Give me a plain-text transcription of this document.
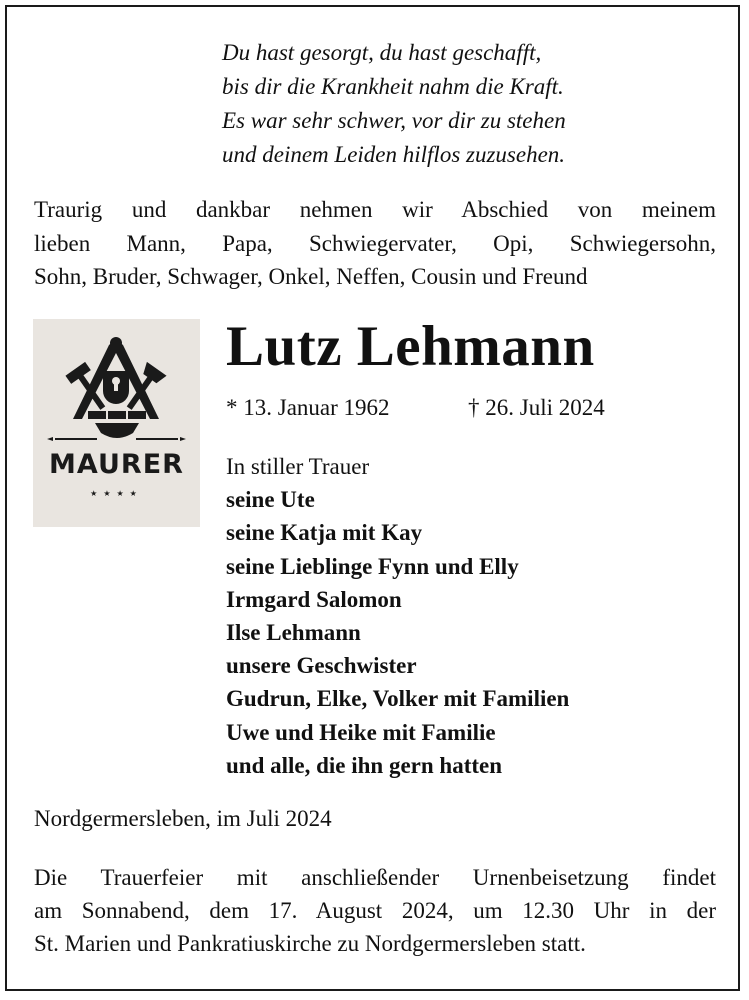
Du hast gesorgt, du hast geschafft,
bis dir die Krankheit nahm die Kraft.
Es war sehr schwer, vor dir zu stehen
und deinem Leiden hilflos zuzusehen.
Traurig und dankbar nehmen wir Abschied von meinem
lieben Mann, Papa, Schwiegervater, Opi, Schwiegersohn,
Sohn, Bruder, Schwager, Onkel, Neffen, Cousin und Freund
MAURER
★★★★
Lutz Lehmann
* 13. Januar 1962	† 26. Juli 2024
In stiller Trauer
seine Ute
seine Katja mit Kay
seine Lieblinge Fynn und Elly
Irmgard Salomon
Ilse Lehmann
unsere Geschwister
Gudrun, Elke, Volker mit Familien
Uwe und Heike mit Familie
und alle, die ihn gern hatten
Nordgermersleben, im Juli 2024
Die Trauerfeier mit anschließender Urnenbeisetzung findet
am Sonnabend, dem 17. August 2024, um 12.30 Uhr in der
St. Marien und Pankratiuskirche zu Nordgermersleben statt.
